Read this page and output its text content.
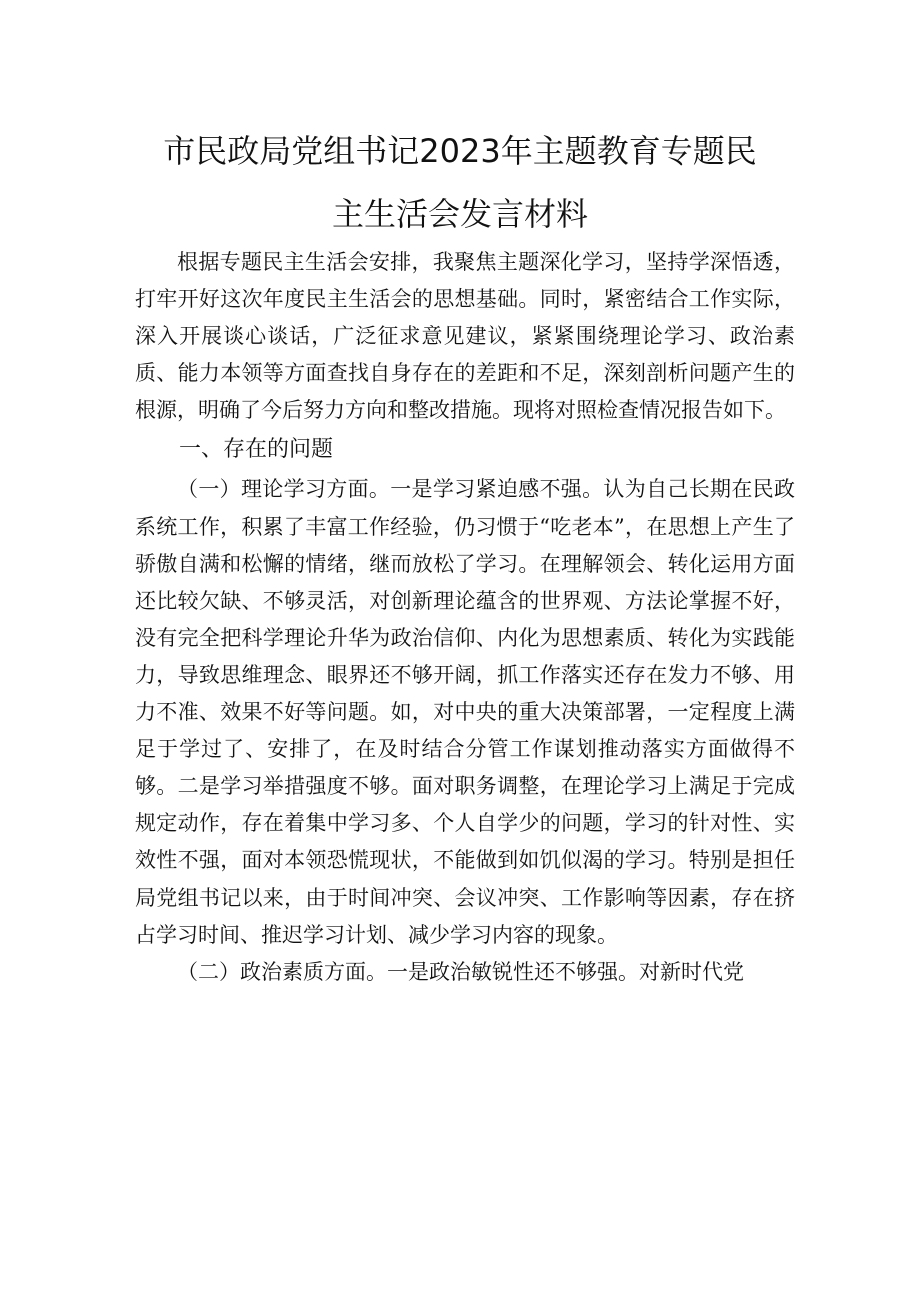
市民政局党组书记2023年主题教育专题民
主生活会发言材料

根据专题民主生活会安排，我聚焦主题深化学习，坚持学深悟透，打牢开好这次年度民主生活会的思想基础。同时，紧密结合工作实际，深入开展谈心谈话，广泛征求意见建议，紧紧围绕理论学习、政治素质、能力本领等方面查找自身存在的差距和不足，深刻剖析问题产生的根源，明确了今后努力方向和整改措施。现将对照检查情况报告如下。

一、存在的问题

（一）理论学习方面。一是学习紧迫感不强。认为自己长期在民政系统工作，积累了丰富工作经验，仍习惯于“吃老本”，在思想上产生了骄傲自满和松懈的情绪，继而放松了学习。在理解领会、转化运用方面还比较欠缺、不够灵活，对创新理论蕴含的世界观、方法论掌握不好，没有完全把科学理论升华为政治信仰、内化为思想素质、转化为实践能力，导致思维理念、眼界还不够开阔，抓工作落实还存在发力不够、用力不准、效果不好等问题。如，对中央的重大决策部署，一定程度上满足于学过了、安排了，在及时结合分管工作谋划推动落实方面做得不够。二是学习举措强度不够。面对职务调整，在理论学习上满足于完成规定动作，存在着集中学习多、个人自学少的问题，学习的针对性、实效性不强，面对本领恐慌现状，不能做到如饥似渴的学习。特别是担任局党组书记以来，由于时间冲突、会议冲突、工作影响等因素，存在挤占学习时间、推迟学习计划、减少学习内容的现象。

（二）政治素质方面。一是政治敏锐性还不够强。对新时代党
